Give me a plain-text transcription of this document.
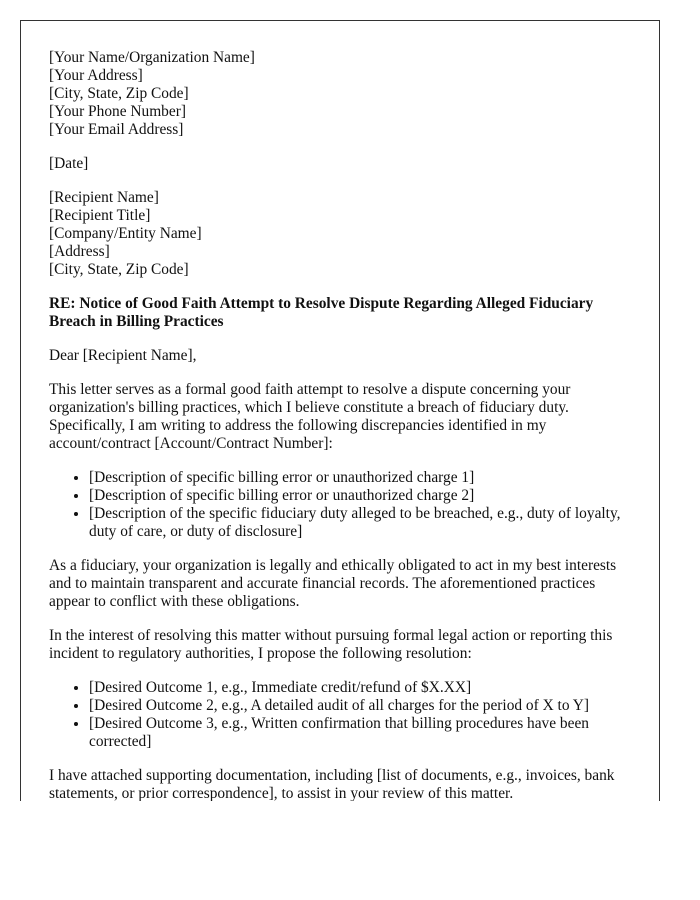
[Your Name/Organization Name]
[Your Address]
[City, State, Zip Code]
[Your Phone Number]
[Your Email Address]
[Date]
[Recipient Name]
[Recipient Title]
[Company/Entity Name]
[Address]
[City, State, Zip Code]

RE: Notice of Good Faith Attempt to Resolve Dispute Regarding Alleged Fiduciary Breach in Billing Practices

Dear [Recipient Name],

This letter serves as a formal good faith attempt to resolve a dispute concerning your organization's billing practices, which I believe constitute a breach of fiduciary duty. Specifically, I am writing to address the following discrepancies identified in my account/contract [Account/Contract Number]:

• [Description of specific billing error or unauthorized charge 1]
• [Description of specific billing error or unauthorized charge 2]
• [Description of the specific fiduciary duty alleged to be breached, e.g., duty of loyalty, duty of care, or duty of disclosure]

As a fiduciary, your organization is legally and ethically obligated to act in my best interests and to maintain transparent and accurate financial records. The aforementioned practices appear to conflict with these obligations.

In the interest of resolving this matter without pursuing formal legal action or reporting this incident to regulatory authorities, I propose the following resolution:

• [Desired Outcome 1, e.g., Immediate credit/refund of $X.XX]
• [Desired Outcome 2, e.g., A detailed audit of all charges for the period of X to Y]
• [Desired Outcome 3, e.g., Written confirmation that billing procedures have been corrected]

I have attached supporting documentation, including [list of documents, e.g., invoices, bank statements, or prior correspondence], to assist in your review of this matter.
